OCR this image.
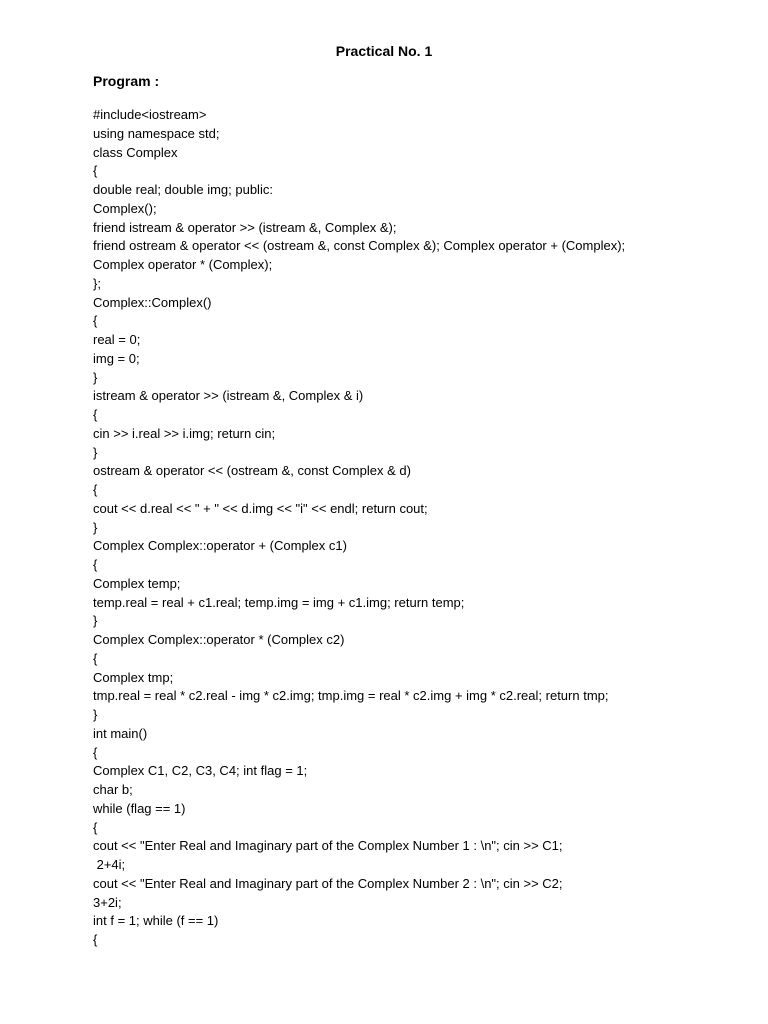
Practical No. 1
Program :
#include<iostream>
using namespace std;
class Complex
{
double real; double img; public:
Complex();
friend istream & operator >> (istream &, Complex &);
friend ostream & operator << (ostream &, const Complex &); Complex operator + (Complex);
Complex operator * (Complex);
};
Complex::Complex()
{
real = 0;
img = 0;
}
istream & operator >> (istream &, Complex & i)
{
cin >> i.real >> i.img; return cin;
}
ostream & operator << (ostream &, const Complex & d)
{
cout << d.real << " + " << d.img << "i" << endl; return cout;
}
Complex Complex::operator + (Complex c1)
{
Complex temp;
temp.real = real + c1.real; temp.img = img + c1.img; return temp;
}
Complex Complex::operator * (Complex c2)
{
Complex tmp;
tmp.real = real * c2.real - img * c2.img; tmp.img = real * c2.img + img * c2.real; return tmp;
}
int main()
{
Complex C1, C2, C3, C4; int flag = 1;
char b;
while (flag == 1)
{
cout << "Enter Real and Imaginary part of the Complex Number 1 : \n"; cin >> C1;
2+4i;
cout << "Enter Real and Imaginary part of the Complex Number 2 : \n"; cin >> C2;
3+2i;
int f = 1; while (f == 1)
{
